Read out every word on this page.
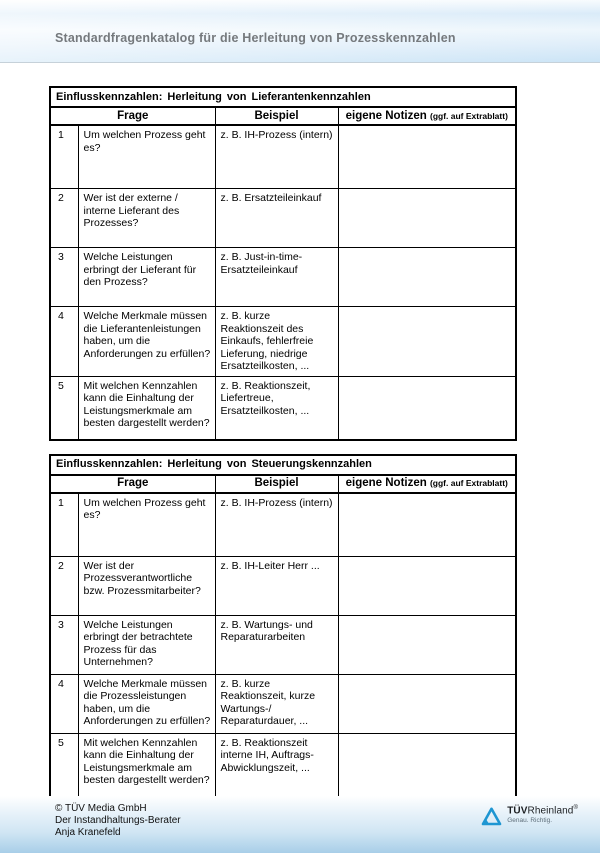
Standardfragenkatalog für die Herleitung von Prozesskennzahlen
Einflusskennzahlen: Herleitung von Lieferantenkennzahlen			
Frage		Beispiel	eigene Notizen (ggf. auf Extrablatt)
1	Um welchen Prozess geht es?	z. B. IH-Prozess (intern)	
2	Wer ist der externe / interne Lieferant des Prozesses?	z. B. Ersatzteileinkauf	
3	Welche Leistungen erbringt der Lieferant für den Prozess?	z. B. Just-in-time-Ersatzteileinkauf	
4	Welche Merkmale müssen die Lieferantenleistungen haben, um die Anforderungen zu erfüllen?	z. B. kurze Reaktionszeit des Einkaufs, fehlerfreie Lieferung, niedrige Ersatzteilkosten, ...	
5	Mit welchen Kennzahlen kann die Einhaltung der Leistungsmerkmale am besten dargestellt werden?	z. B. Reaktionszeit, Liefertreue, Ersatzteilkosten, ...	
Einflusskennzahlen: Herleitung von Steuerungskennzahlen			
Frage		Beispiel	eigene Notizen (ggf. auf Extrablatt)
1	Um welchen Prozess geht es?	z. B. IH-Prozess (intern)	
2	Wer ist der Prozessverantwortliche bzw. Prozessmitarbeiter?	z. B. IH-Leiter Herr ...	
3	Welche Leistungen erbringt der betrachtete Prozess für das Unternehmen?	z. B. Wartungs- und Reparaturarbeiten	
4	Welche Merkmale müssen die Prozessleistungen haben, um die Anforderungen zu erfüllen?	z. B. kurze Reaktionszeit, kurze Wartungs-/ Reparaturdauer, ...	
5	Mit welchen Kennzahlen kann die Einhaltung der Leistungsmerkmale am besten dargestellt werden?	z. B. Reaktionszeit interne IH, Auftrags-Abwicklungszeit, ...	
© TÜV Media GmbH
Der Instandhaltungs-Berater
Anja Kranefeld
TÜVRheinland®
Genau. Richtig.
